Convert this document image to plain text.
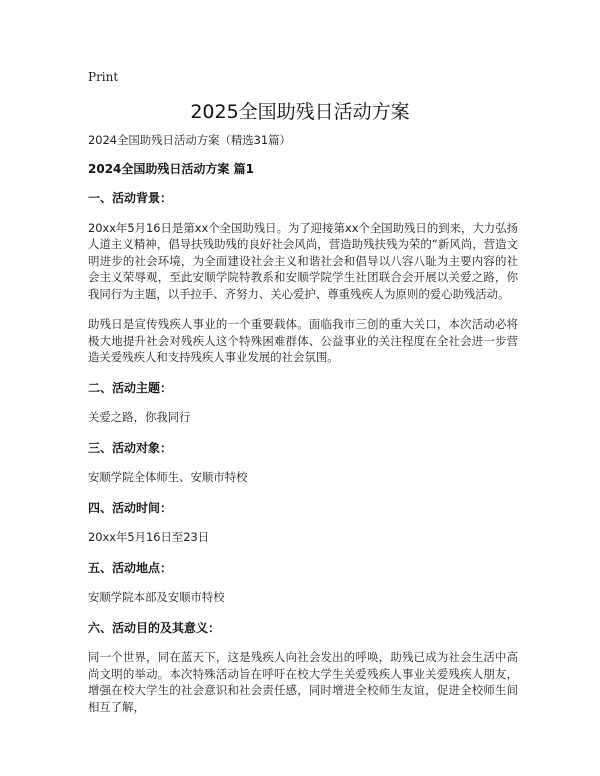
Print
2025全国助残日活动方案

2024全国助残日活动方案（精选31篇）

2024全国助残日活动方案 篇1

一、活动背景：

20xx年5月16日是第xx个全国助残日。为了迎接第xx个全国助残日的到来，大力弘扬人道主义精神，倡导扶残助残的良好社会风尚，营造助残扶残为荣的“新风尚，营造文明进步的社会环境，为全面建设社会主义和谐社会和倡导以八容八耻为主要内容的社会主义荣辱观，至此安顺学院特教系和安顺学院学生社团联合会开展以关爱之路，你我同行为主题，以手拉手、齐努力、关心爱护、尊重残疾人为原则的爱心助残活动。

助残日是宣传残疾人事业的一个重要载体。面临我市三创的重大关口，本次活动必将极大地提升社会对残疾人这个特殊困难群体、公益事业的关注程度在全社会进一步营造关爱残疾人和支持残疾人事业发展的社会氛围。

二、活动主题：

关爱之路，你我同行

三、活动对象：

安顺学院全体师生、安顺市特校

四、活动时间：

20xx年5月16日至23日

五、活动地点：

安顺学院本部及安顺市特校

六、活动目的及其意义：

同一个世界，同在蓝天下，这是残疾人向社会发出的呼唤，助残已成为社会生活中高尚文明的举动。本次特殊活动旨在呼吁在校大学生关爱残疾人事业关爱残疾人朋友，增强在校大学生的社会意识和社会责任感，同时增进全校师生友谊，促进全校师生间相互了解，
